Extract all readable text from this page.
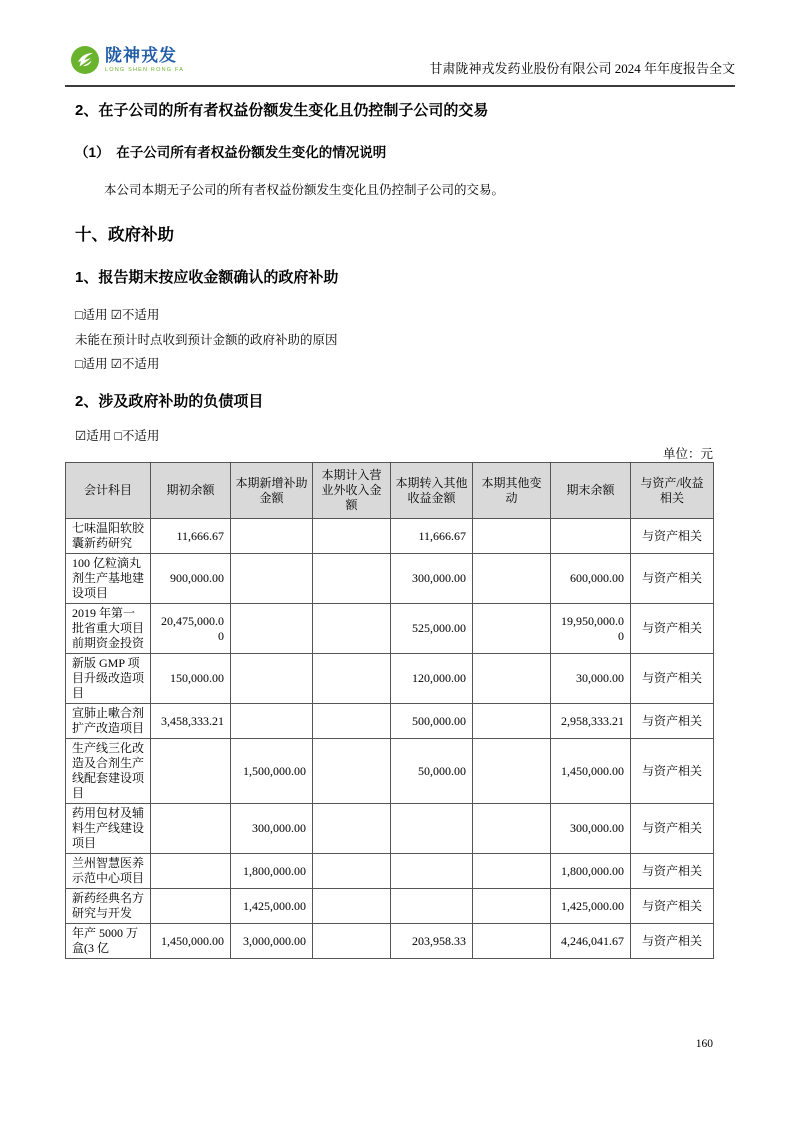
陇神戎发
LONG SHEN RONG FA	甘肃陇神戎发药业股份有限公司 2024 年年度报告全文
2、在子公司的所有者权益份额发生变化且仍控制子公司的交易
（1）　在子公司所有者权益份额发生变化的情况说明
本公司本期无子公司的所有者权益份额发生变化且仍控制子公司的交易。
十、政府补助
1、报告期末按应收金额确认的政府补助
□适用 ☑不适用
未能在预计时点收到预计金额的政府补助的原因
□适用 ☑不适用
2、涉及政府补助的负债项目
☑适用 □不适用
单位：元
会计科目	期初余额	本期新增补助金额	本期计入营业外收入金额	本期转入其他收益金额	本期其他变动	期末余额	与资产/收益相关
七味温阳软胶囊新药研究	11,666.67			11,666.67			与资产相关
100 亿粒滴丸剂生产基地建设项目	900,000.00			300,000.00		600,000.00	与资产相关
2019 年第一批省重大项目前期资金投资	20,475,000.00			525,000.00		19,950,000.00	与资产相关
新版 GMP 项目升级改造项目	150,000.00			120,000.00		30,000.00	与资产相关
宣肺止嗽合剂扩产改造项目	3,458,333.21			500,000.00		2,958,333.21	与资产相关
生产线三化改造及合剂生产线配套建设项目		1,500,000.00		50,000.00		1,450,000.00	与资产相关
药用包材及辅料生产线建设项目		300,000.00				300,000.00	与资产相关
兰州智慧医养示范中心项目		1,800,000.00				1,800,000.00	与资产相关
新药经典名方研究与开发		1,425,000.00				1,425,000.00	与资产相关
年产 5000 万盒(3 亿	1,450,000.00	3,000,000.00		203,958.33		4,246,041.67	与资产相关
160
